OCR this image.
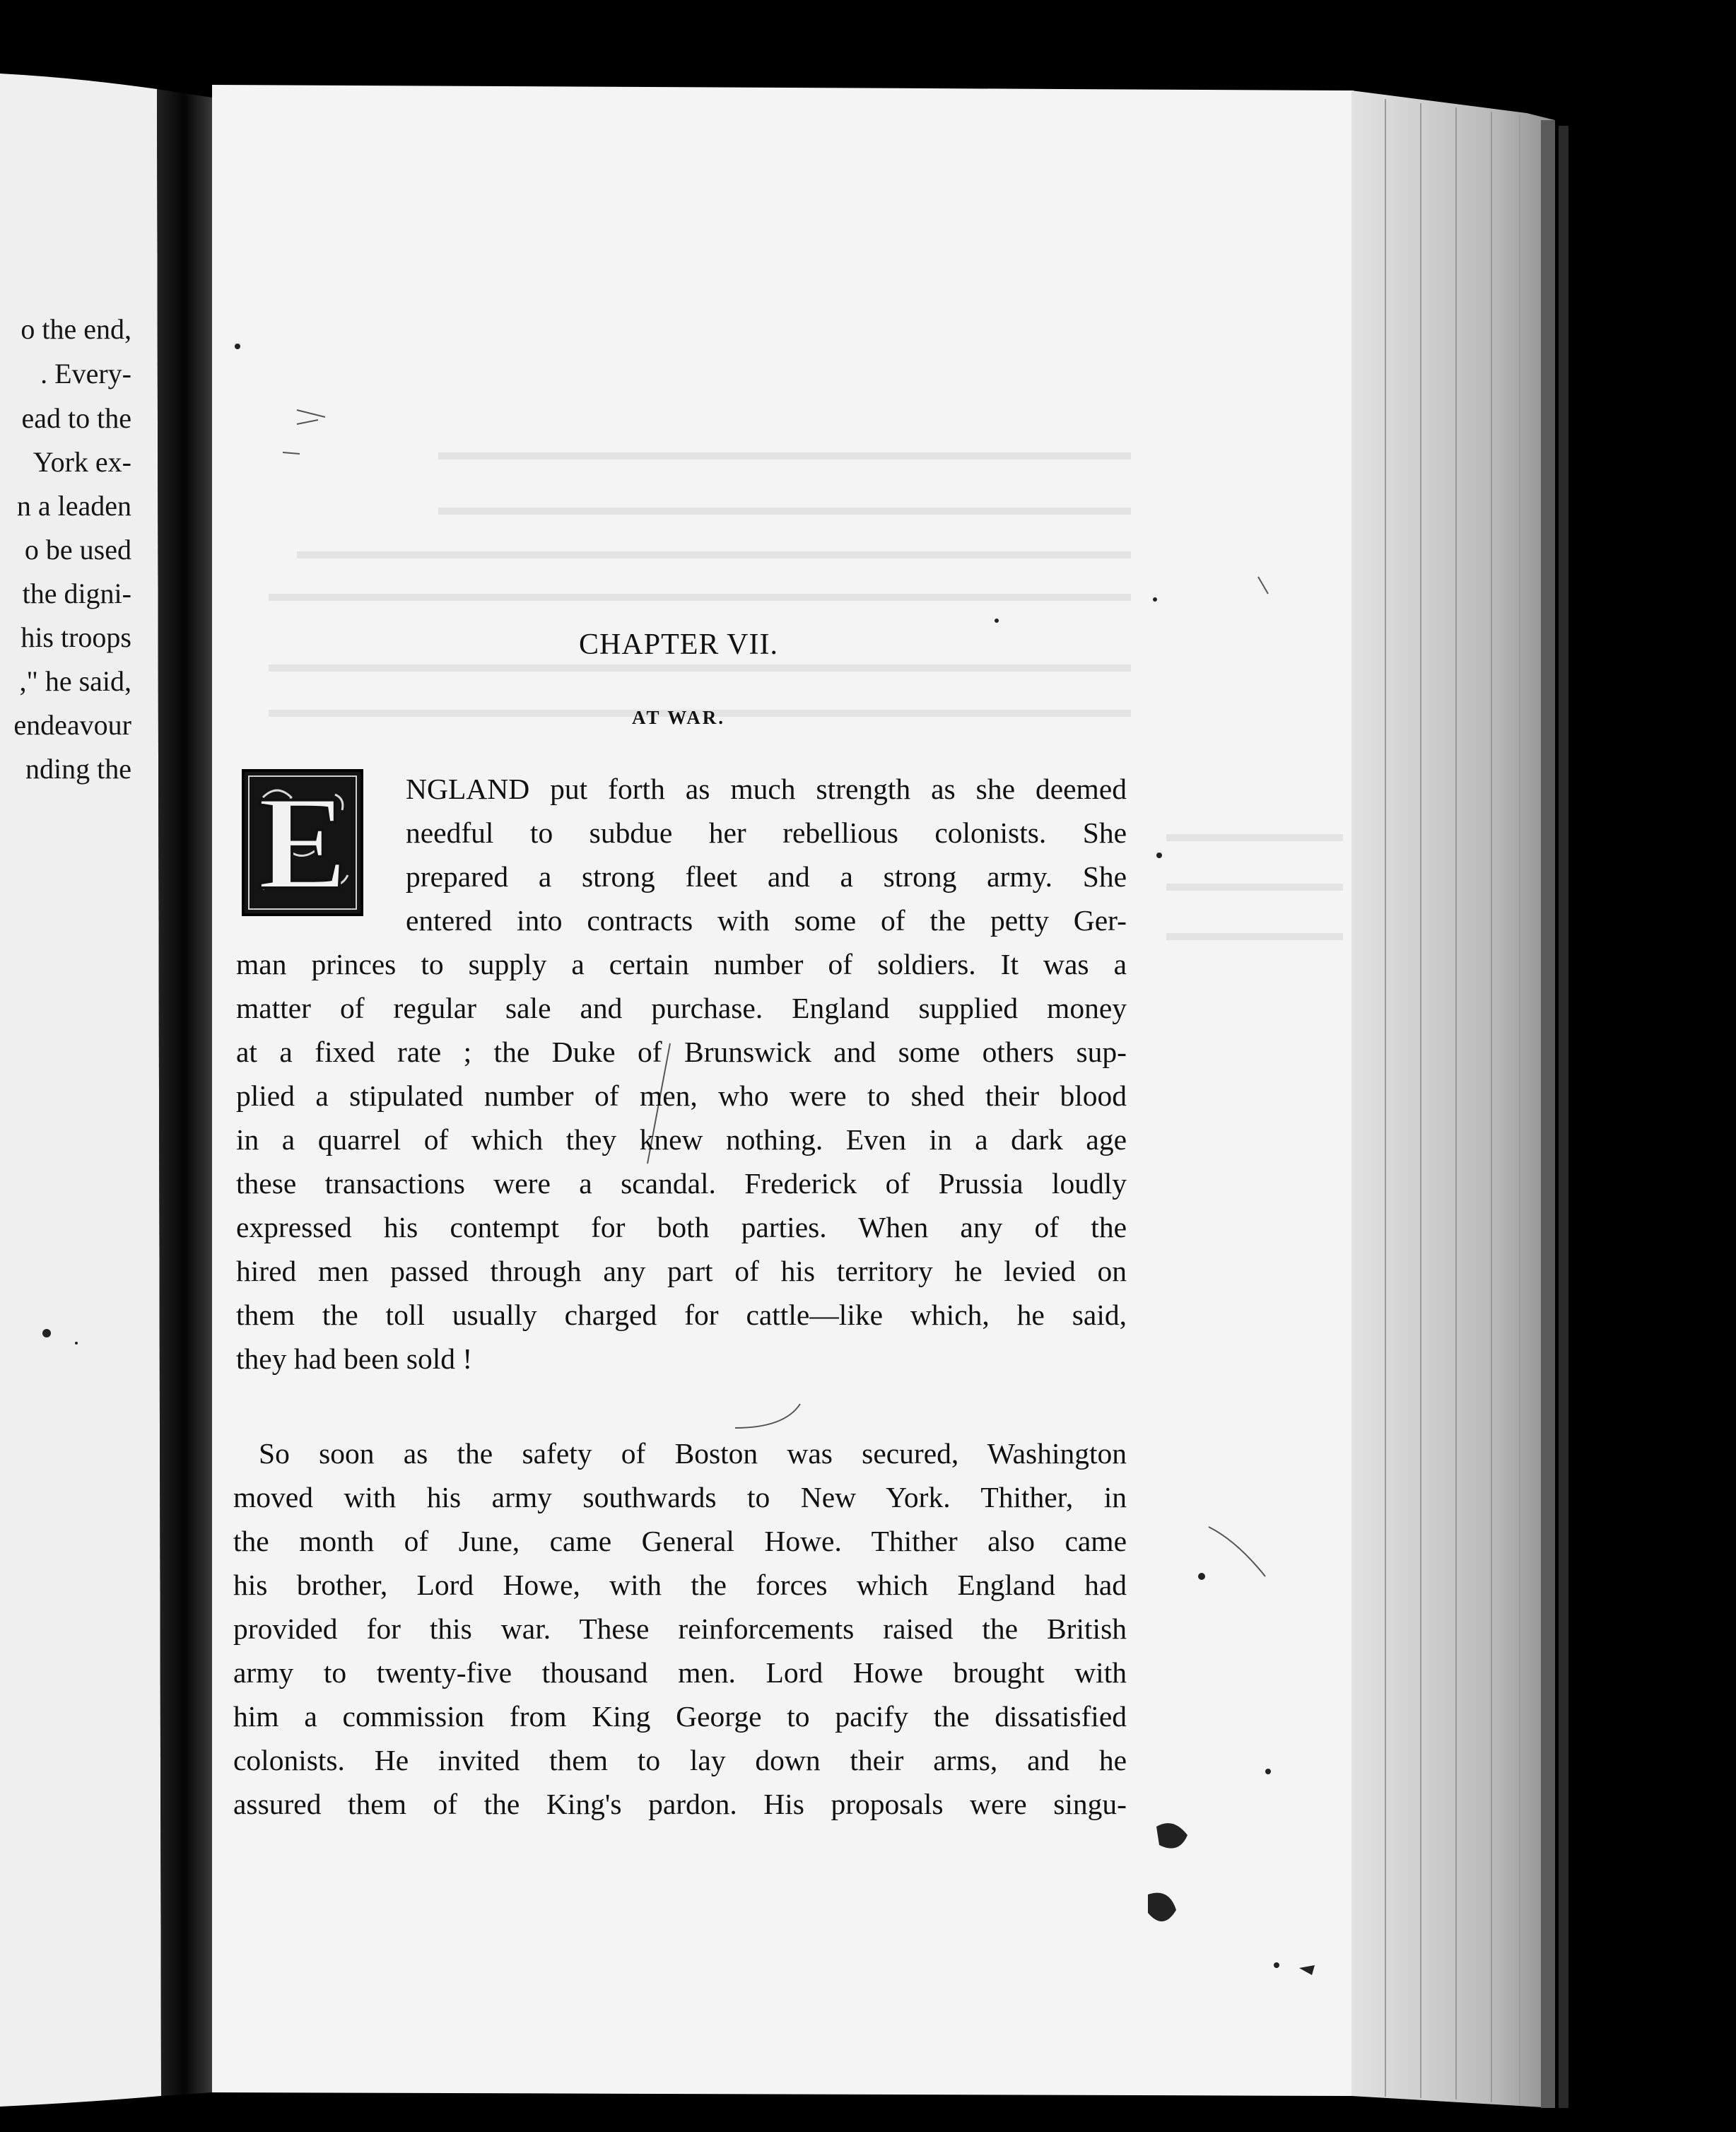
o the end,
. Every-
ead to the
York ex-
n a leaden
o be used
the digni-
his troops
," he said,
endeavour
nding the
CHAPTER VII.
AT WAR.
E NGLAND put forth as much strength as she deemed
needful to subdue her rebellious colonists. She
prepared a strong fleet and a strong army. She
entered into contracts with some of the petty Ger-
man princes to supply a certain number of soldiers. It was a
matter of regular sale and purchase. England supplied money
at a fixed rate ; the Duke of Brunswick and some others sup-
plied a stipulated number of men, who were to shed their blood
in a quarrel of which they knew nothing. Even in a dark age
these transactions were a scandal. Frederick of Prussia loudly
expressed his contempt for both parties. When any of the
hired men passed through any part of his territory he levied on
them the toll usually charged for cattle—like which, he said,
they had been sold !
So soon as the safety of Boston was secured, Washington
moved with his army southwards to New York. Thither, in
the month of June, came General Howe. Thither also came
his brother, Lord Howe, with the forces which England had
provided for this war. These reinforcements raised the British
army to twenty-five thousand men. Lord Howe brought with
him a commission from King George to pacify the dissatisfied
colonists. He invited them to lay down their arms, and he
assured them of the King's pardon. His proposals were singu-
